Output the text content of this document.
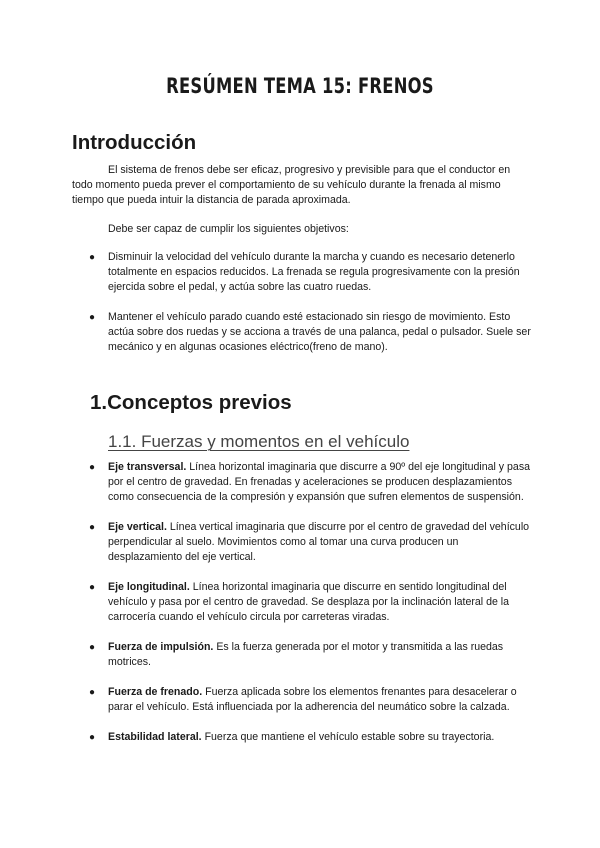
RESÚMEN TEMA 15: FRENOS
Introducción

El sistema de frenos debe ser eficaz, progresivo y previsible para que el conductor en todo momento pueda prever el comportamiento de su vehículo durante la frenada al mismo tiempo que pueda intuir la distancia de parada aproximada.

Debe ser capaz de cumplir los siguientes objetivos:

● Disminuir la velocidad del vehículo durante la marcha y cuando es necesario detenerlo totalmente en espacios reducidos. La frenada se regula progresivamente con la presión ejercida sobre el pedal, y actúa sobre las cuatro ruedas.
● Mantener el vehículo parado cuando esté estacionado sin riesgo de movimiento. Esto actúa sobre dos ruedas y se acciona a través de una palanca, pedal o pulsador. Suele ser mecánico y en algunas ocasiones eléctrico(freno de mano).
1.Conceptos previos
1.1. Fuerzas y momentos en el vehículo
● Eje transversal. Línea horizontal imaginaria que discurre a 90º del eje longitudinal y pasa por el centro de gravedad. En frenadas y aceleraciones se producen desplazamientos como consecuencia de la compresión y expansión que sufren elementos de suspensión.
● Eje vertical. Línea vertical imaginaria que discurre por el centro de gravedad del vehículo perpendicular al suelo. Movimientos como al tomar una curva producen un desplazamiento del eje vertical.
● Eje longitudinal. Línea horizontal imaginaria que discurre en sentido longitudinal del vehículo y pasa por el centro de gravedad. Se desplaza por la inclinación lateral de la carrocería cuando el vehículo circula por carreteras viradas.
● Fuerza de impulsión. Es la fuerza generada por el motor y transmitida a las ruedas motrices.
● Fuerza de frenado. Fuerza aplicada sobre los elementos frenantes para desacelerar o parar el vehículo. Está influenciada por la adherencia del neumático sobre la calzada.
● Estabilidad lateral. Fuerza que mantiene el vehículo estable sobre su trayectoria.
